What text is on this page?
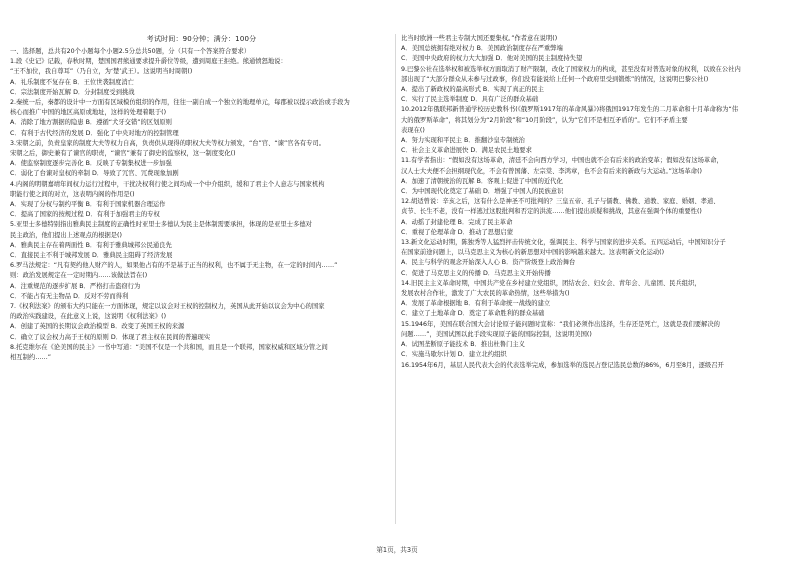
考试时间：90分钟；满分：100分
一、选择题，总共有20个小题每个小题2.5分总共50题，分（只有一个答案符合要求）
1.段《史记》记载，春秋时期，楚国国君熊通要求提升爵位等级，遭到周庭王拒绝。熊通愤怒地说：
“王不加位，我自尊耳”（乃自立，为‘楚’武王）。这说明当时周朝()
A．礼乐制度不复存在 B．王位世袭制度消亡
C．宗法制度开始瓦解 D．分封制度受到挑战
2.秦统一后，秦都的设计中一方面有区域模仿组织的作用，往往一副自成一个独立的地理单元，每郡被以提示政治或手段为
核心而推广中国的地区高原或地址，这样的处理着眼于()
A．消除了地方割据的隐患 B．遵循“犬牙交错”的区划原则
C．有利于古代经济的发展 D．强化了中央对地方的控制管理
3.宋朝之前，负责皇家的制度大夫等权力自高，负责供从现得的职权大夫等权力颁发，“台”官、“谏”官各有专司。
宋朝之后，御史兼有了谏官的职责，“谏官”兼有了御史的监察权，这一制度变化()
A．使监察制度逐步完善化 B．反映了专制集权进一步加强
C．弱化了台谏对皇权的牵制 D．导致了冗官、冗费现象加剧
4.内阁的明朝嘉靖年间权力运行过程中，干扰决权利行使之间均成一个中介组织，缓和了君主个人意志与国家机构
职能行使之间的对立，这表明内阁的作用是()
A．实现了分权与制约平衡 B．有利于国家机器合理运作
C．提高了国家的按规过程 D．有利于加强君主的专权
5.亚里士多德特别指出雅典民主制度的正确性时亚里士多德认为民主是体制需要承担，体现的是亚里士多德对
民主政治，他们提出上述观点的根据是()
A．雅典民主存在着两面性 B．有利于雅典城邦公民通良先
C．直接民主不利于城邦发展 D．雅典民主阻碍了经济发展
6.罗马法规定：“凡有契约他人财产的人，如果他占有的不是基于正当的权利，也不属于无主物，在一定的时间内……”
则：政治发展规定在一定时期内……该做法旨在()
A．注重规范的逐步扩展 B．严格打击盗窃行为
C．不能占有无主物品 D．反对不劳而得利
7.《权利法案》的颁布大约只能在一方面体现，规定以议会对王权的控制权力，英国从此开始以议会为中心的国家
的政治实践建设，在此意义上说，这说明《权利法案》()
A．创建了英国的长期议会政治模型 B．改变了英国王权的来源
C．确立了议会权力高于王权的原则 D．体现了君主权在民间的普遍现实
8.托克维尔在《论美国的民主》一书中写道：“美国不仅是一个共和国，而且是一个联邦，国家权威和区域分管之间
相互制约……”
比当时欧洲一些君主专制大国还要集权。”作者意在说明()
A．美国总统拥有绝对权力 B．美国政治制度存在严重弊端
C．美国中央政府的权力大大加强 D．他对美国的民主制度持失望
9.巴黎公社在选举权和被选举权方面取消了财产限制，改化了国家权力的构成，甚至没有对普选对象的权利，以致在公社内
部出现了“大部分群众从未参与过政事，你们没有能说给上任何一个政府里受到锻炼”的情况，这说明巴黎公社()
A．提出了新政权的最高形式 B．实现了真正的民主
C．实行了民主选举制度 D．具有广泛的群众基础
10.2012年俄联邦新普通学校历史教科书(《俄罗斯1917年的革命风暴》)将俄国1917年发生的二月革命和十月革命称为“伟
大的俄罗斯革命”，将其划分为“2月阶段”和“10月阶段”，认为“它们不是相互矛盾的”。它们不矛盾主要
表现在()
A．努力实现和平民主 B．推翻沙皇专制统治
C．社会主义革命进展快 D．满足农民土地要求
11.有学者指出：“假如没有这场革命，清廷不会向西方学习，中国也就不会有后来的政治变革；假如没有这场革命，
汉人士大夫便不会担纲现代化，不会有曾国藩、左宗棠、李鸿章，也不会有后来的新政与大运动。”这场革命()
A．加速了清朝统治的瓦解 B．客观上促进了中国的近代化
C．为中国现代化奠定了基础 D．增强了中国人的民族意识
12.胡适曾说：辛亥之后，这有什么是神圣不可批判的？三皇五帝、孔子与儒教、佛教、道教、家庭、婚姻、孝道、
贞节、长生不老，没有一样逃过这股批判和否定的洪流……他们提出质疑和挑战，其意在强调个体的重要性()
A．动摇了封建伦理 B．完成了民主革命
C．重视了伦理革命 D．推动了思想启蒙
13.新文化运动时期，陈独秀等人猛烈抨击传统文化，强调民主、科学与国家的进步关系。五四运动后，中国知识分子
在国家前途问题上，以马克思主义为核心的新思想对中国的影响越来越大。这表明新文化运动()
A．民主与科学的观念开始深入人心 B．资产阶级登上政治舞台
C．促进了马克思主义的传播 D．马克思主义开始传播
14.旧民主主义革命时期，中国共产党在乡村建立党组织，团结农会、妇女会、青年会、儿童团、民兵组织，
发展农村合作社，激发了广大农民的革命热情，这些举措为()
A．发展了革命根据地 B．有利于革命统一战线的建立
C．建立了土地革命 D．奠定了革命胜利的群众基础
15.1946年，美国在联合国大会讨论原子能问题时宣称：“我们必须作出选择，生存还是死亡，这就是我们要解决的
问题……”，美国试图以此手段实现原子能的国际控制，这说明美国()
A．试图垄断原子能技术 B．推出杜鲁门主义
C．实施马歇尔计划 D．建立北约组织
16.1954年6月，基层人民代表大会的代表选举完成，参加选举的选民占登记选民总数的86%，6月至8月，逐级召开
第1页，共3页
